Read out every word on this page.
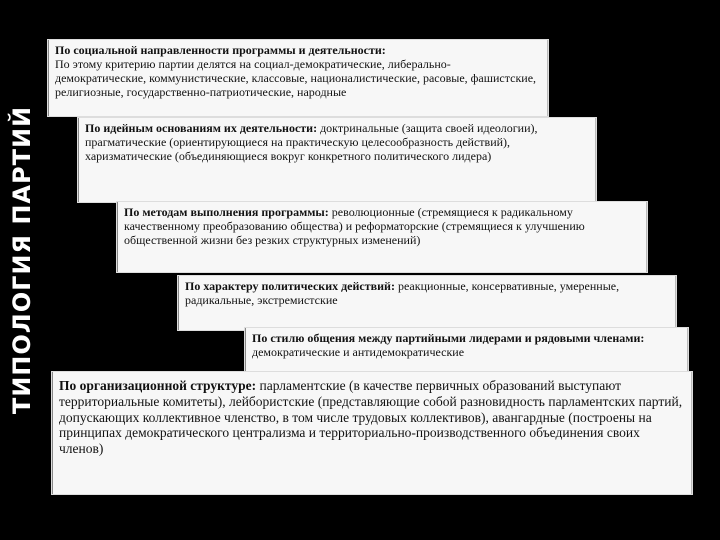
ТИПОЛОГИЯ ПАРТИЙ

По социальной направленности программы и деятельности:

По этому критерию партии делятся на социал-демократические, либерально-демократические, коммунистические, классовые, националистические, расовые, фашистские, религиозные, государственно-патриотические, народные

По идейным основаниям их деятельности: доктринальные (защита своей идеологии), прагматические (ориентирующиеся на практическую целесообразность действий), харизматические (объединяющиеся вокруг конкретного политического лидера)

По методам выполнения программы: революционные (стремящиеся к радикальному качественному преобразованию общества) и реформаторские (стремящиеся к улучшению общественной жизни без резких структурных изменений)

По характеру политических действий: реакционные, консервативные, умеренные, радикальные, экстремистские

По стилю общения между партийными лидерами и рядовыми членами:

демократические и антидемократические

По организационной структуре: парламентские (в качестве первичных образований выступают территориальные комитеты), лейбористские (представляющие собой разновидность парламентских партий, допускающих коллективное членство, в том числе трудовых коллективов), авангардные (построены на принципах демократического централизма и территориально-производственного объединения своих членов)
